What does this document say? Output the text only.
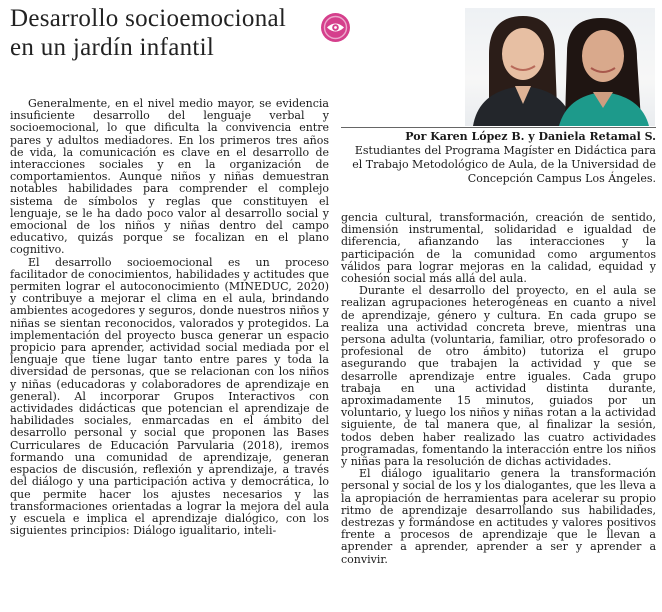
Desarrollo socioemocional
en un jardín infantil
Por Karen López B. y Daniela Retamal S.
Estudiantes del Programa Magíster en Didáctica para el Trabajo Metodológico de Aula, de la Universidad de Concepción Campus Los Ángeles.

Generalmente, en el nivel medio mayor, se evidencia insuficiente desarrollo del lenguaje verbal y socioemocional, lo que dificulta la convivencia entre pares y adultos mediadores. En los primeros tres años de vida, la comunicación es clave en el desarrollo de interacciones sociales y en la organización de comportamientos. Aunque niños y niñas demuestran notables habilidades para comprender el complejo sistema de símbolos y reglas que constituyen el lenguaje, se le ha dado poco valor al desarrollo social y emocional de los niños y niñas dentro del campo educativo, quizás porque se focalizan en el plano cognitivo.

El desarrollo socioemocional es un proceso facilitador de conocimientos, habilidades y actitudes que permiten lograr el autoconocimiento (MINEDUC, 2020) y contribuye a mejorar el clima en el aula, brindando ambientes acogedores y seguros, donde nuestros niños y niñas se sientan reconocidos, valorados y protegidos. La implementación del proyecto busca generar un espacio propicio para aprender, actividad social mediada por el lenguaje que tiene lugar tanto entre pares y toda la diversidad de personas, que se relacionan con los niños y niñas (educadoras y colaboradores de aprendizaje en general). Al incorporar Grupos Interactivos con actividades didácticas que potencian el aprendizaje de habilidades sociales, enmarcadas en el ámbito del desarrollo personal y social que proponen las Bases Curriculares de Educación Parvularia (2018), iremos formando una comunidad de aprendizaje, generan espacios de discusión, reflexión y aprendizaje, a través del diálogo y una participación activa y democrática, lo que permite hacer los ajustes necesarios y las transformaciones orientadas a lograr la mejora del aula y escuela e implica el aprendizaje dialógico, con los siguientes principios: Diálogo igualitario, inteli-

gencia cultural, transformación, creación de sentido, dimensión instrumental, solidaridad e igualdad de diferencia, afianzando las interacciones y la participación de la comunidad como argumentos válidos para lograr mejoras en la calidad, equidad y cohesión social más allá del aula.

Durante el desarrollo del proyecto, en el aula se realizan agrupaciones heterogéneas en cuanto a nivel de aprendizaje, género y cultura. En cada grupo se realiza una actividad concreta breve, mientras una persona adulta (voluntaria, familiar, otro profesorado o profesional de otro ámbito) tutoriza el grupo asegurando que trabajen la actividad y que se desarrolle aprendizaje entre iguales. Cada grupo trabaja en una actividad distinta durante, aproximadamente 15 minutos, guiados por un voluntario, y luego los niños y niñas rotan a la actividad siguiente, de tal manera que, al finalizar la sesión, todos deben haber realizado las cuatro actividades programadas, fomentando la interacción entre los niños y niñas para la resolución de dichas actividades.

El diálogo igualitario genera la transformación personal y social de los y los dialogantes, que les lleva a la apropiación de herramientas para acelerar su propio ritmo de aprendizaje desarrollando sus habilidades, destrezas y formándose en actitudes y valores positivos frente a procesos de aprendizaje que le llevan a aprender a aprender, aprender a ser y aprender a convivir.
